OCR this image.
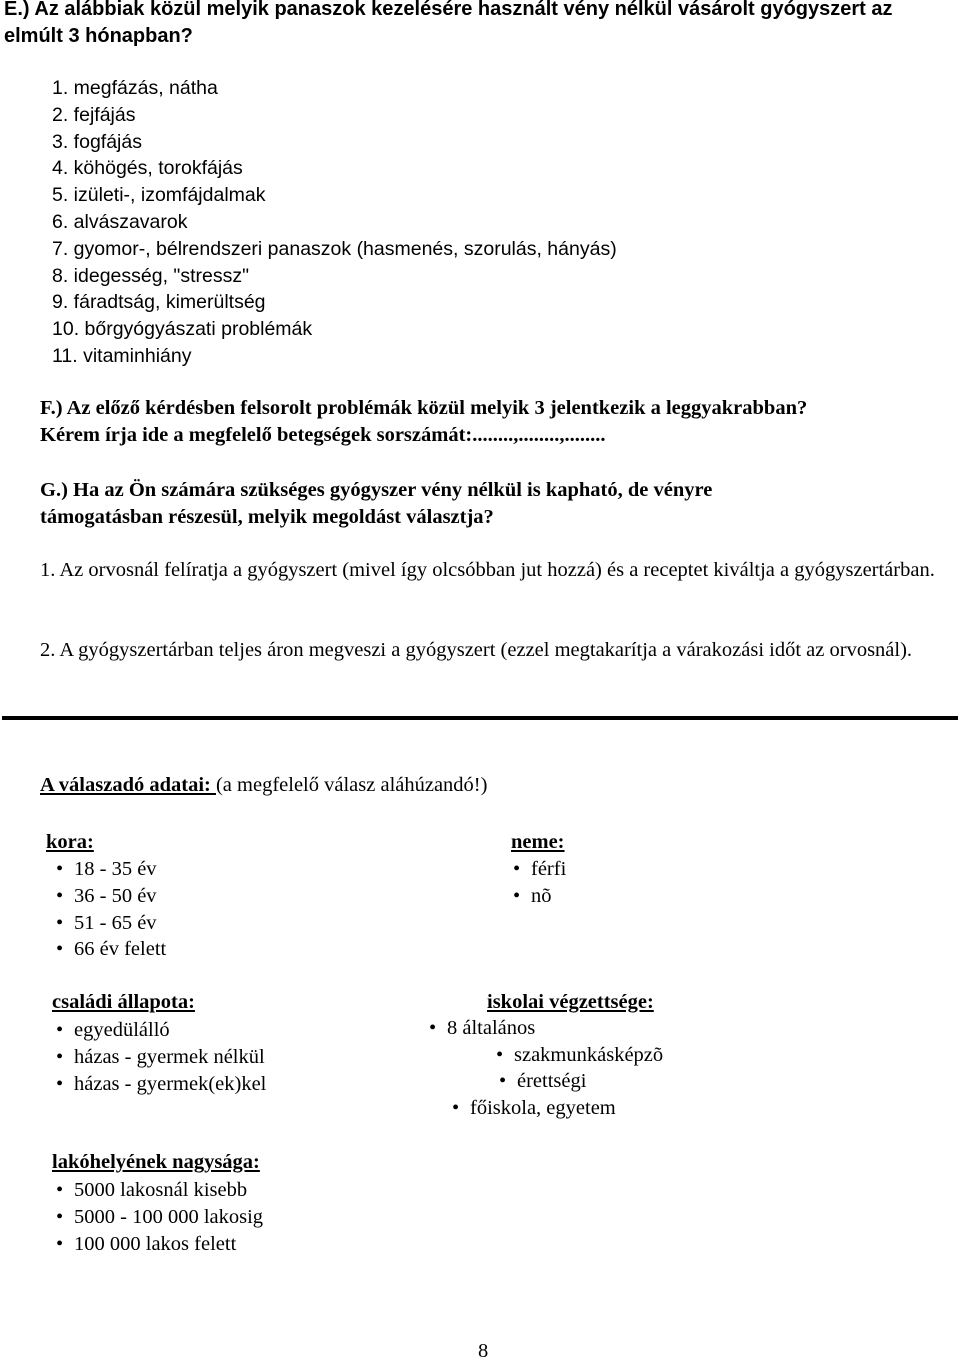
E.) Az alábbiak közül melyik panaszok kezelésére használt vény nélkül vásárolt gyógyszert az elmúlt 3 hónapban?
1. megfázás, nátha
2. fejfájás
3. fogfájás
4. köhögés, torokfájás
5. izületi-, izomfájdalmak
6. alvászavarok
7. gyomor-, bélrendszeri panaszok (hasmenés, szorulás, hányás)
8. idegesség, "stressz"
9. fáradtság, kimerültség
10. bőrgyógyászati problémák
11. vitaminhiány
F.) Az előző kérdésben felsorolt problémák közül melyik 3 jelentkezik a leggyakrabban?
Kérem írja ide a megfelelő betegségek sorszámát:........,........,........
G.) Ha az Ön számára szükséges gyógyszer vény nélkül is kapható, de vényre támogatásban részesül, melyik megoldást választja?
1. Az orvosnál felíratja a gyógyszert (mivel így olcsóbban jut hozzá) és a receptet kiváltja a gyógyszertárban.
2. A gyógyszertárban teljes áron megveszi a gyógyszert (ezzel megtakarítja a várakozási időt az orvosnál).
A válaszadó adatai: (a megfelelő válasz aláhúzandó!)
kora:
• 18 - 35 év
• 36 - 50 év
• 51 - 65 év
• 66 év felett
neme:
• férfi
• nõ
családi állapota:
• egyedülálló
• házas - gyermek nélkül
• házas - gyermek(ek)kel
iskolai végzettsége:
• 8 általános
• szakmunkásképzõ
• érettségi
• főiskola, egyetem
lakóhelyének nagysága:
• 5000 lakosnál kisebb
• 5000 - 100 000 lakosig
• 100 000 lakos felett
8
